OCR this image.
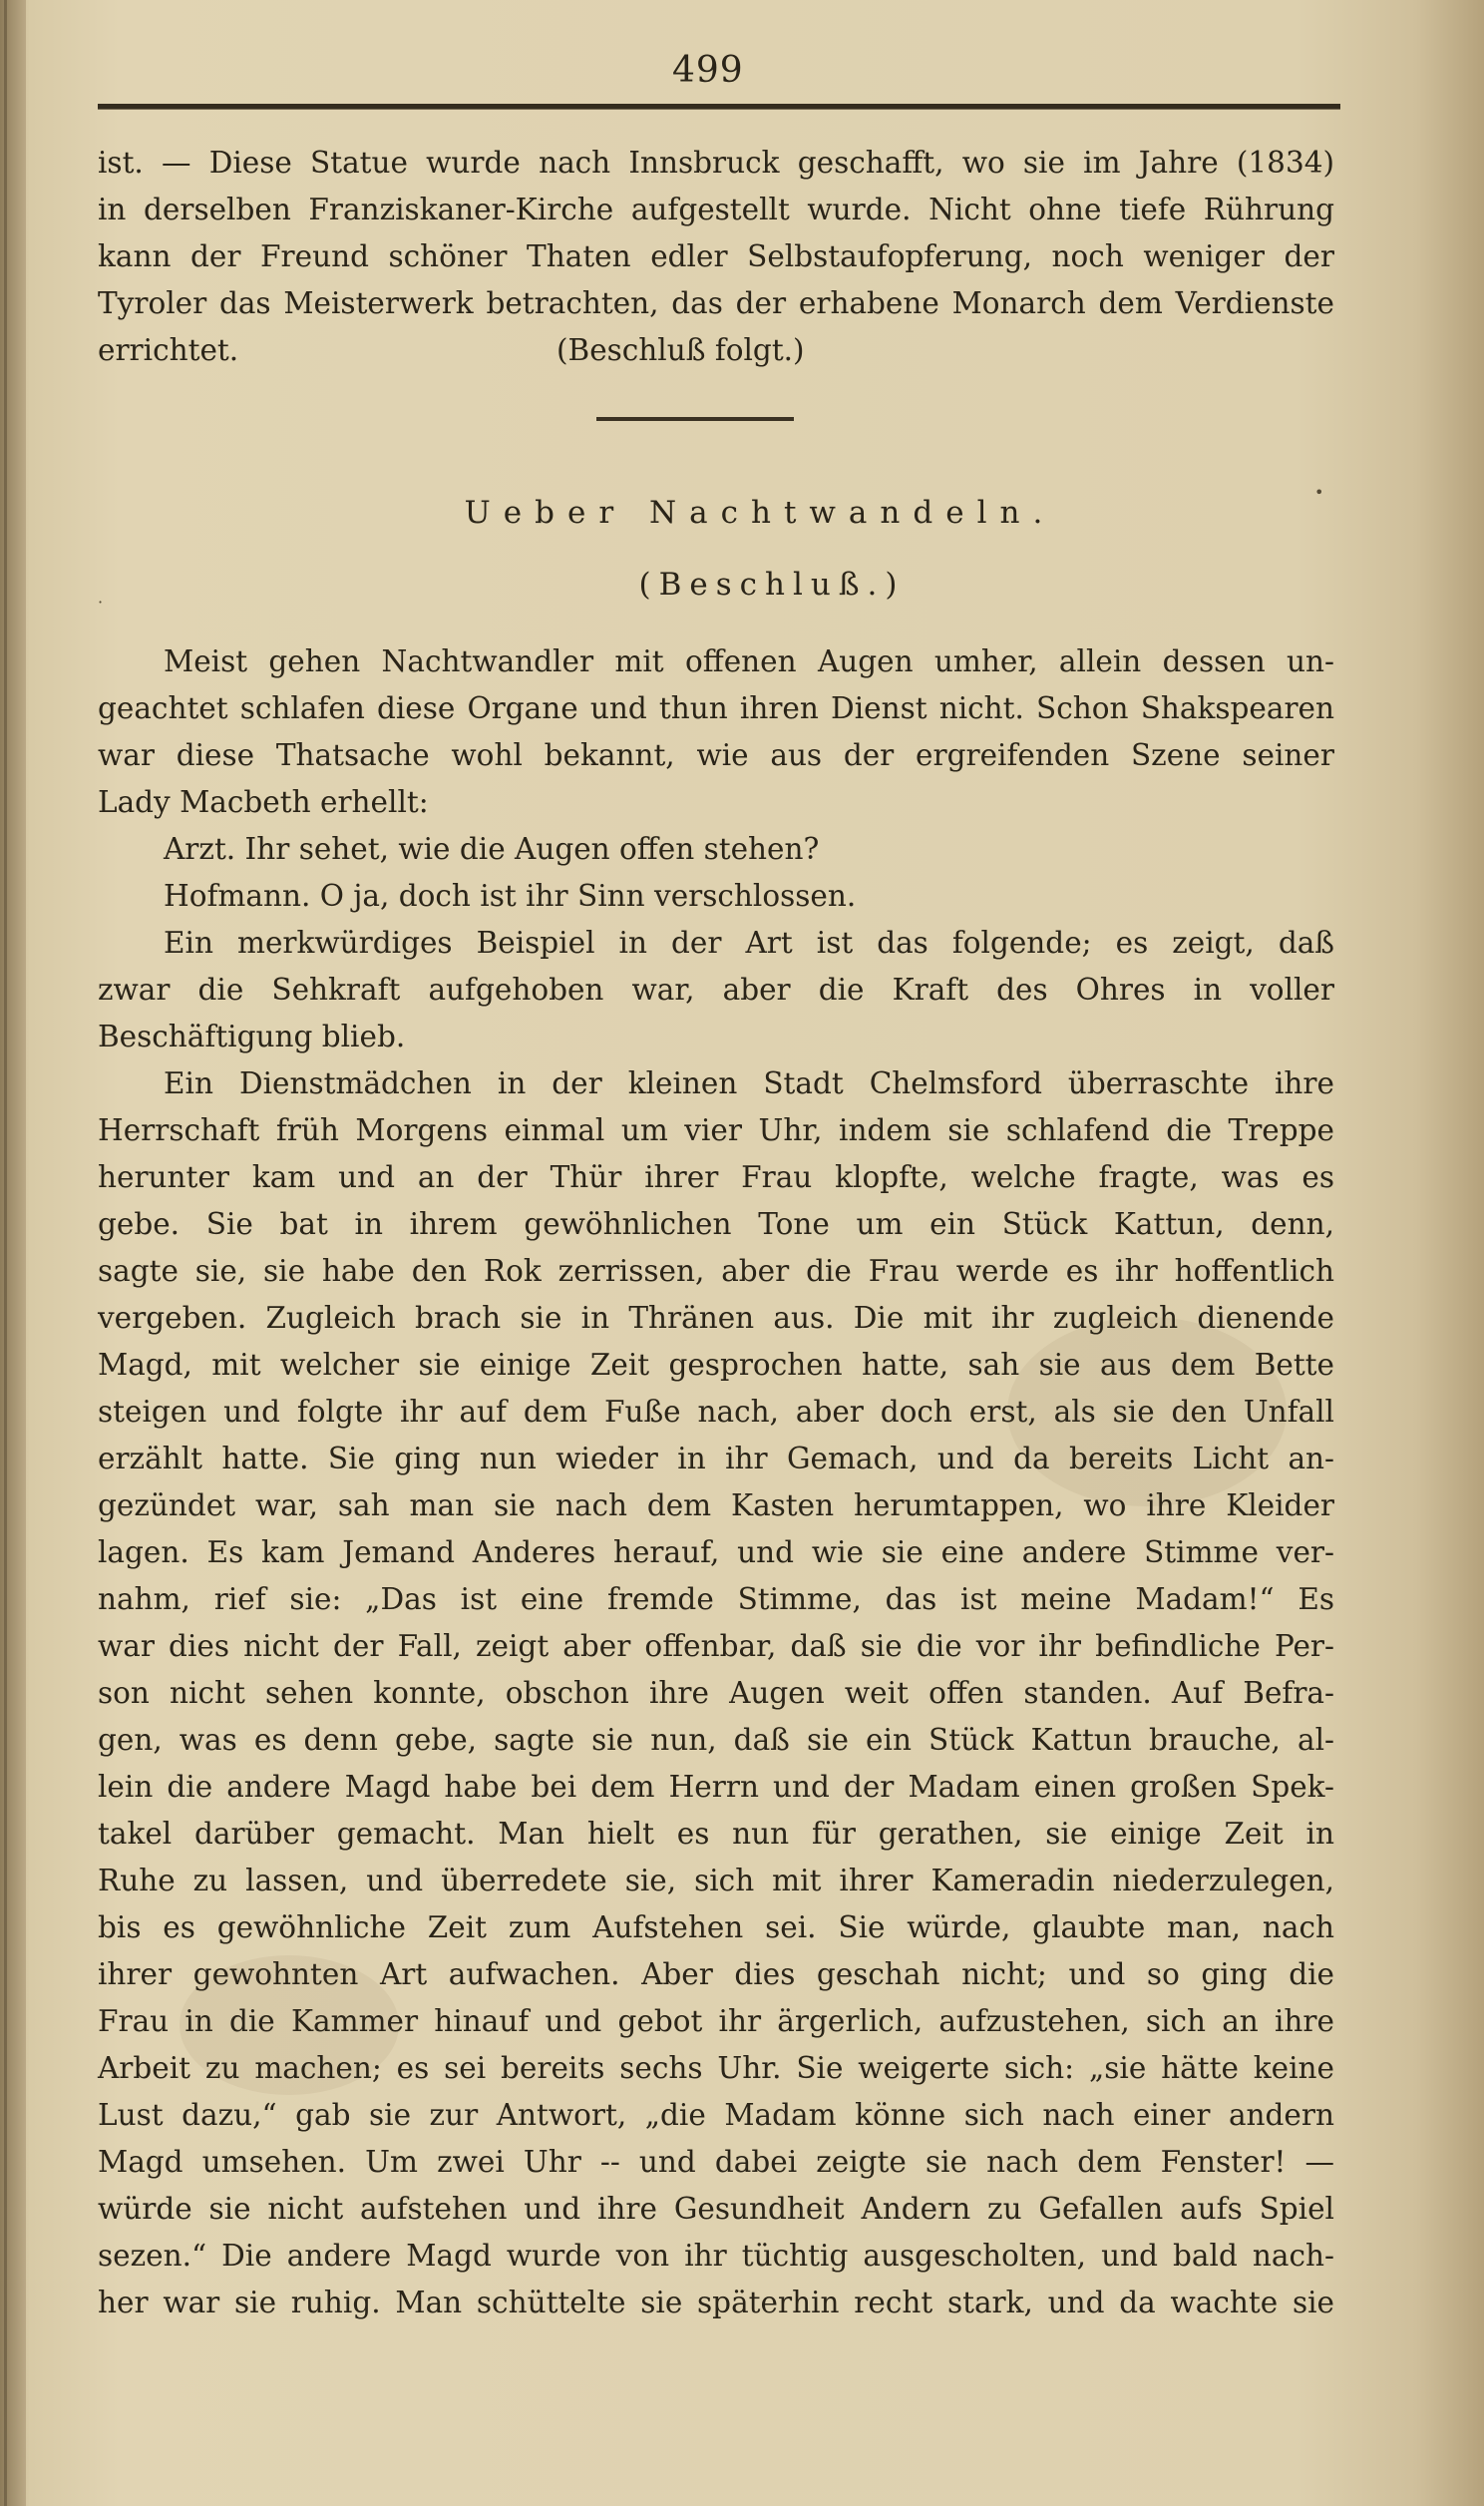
499
ist. — Diese Statue wurde nach Innsbruck geschafft, wo sie im Jahre (1834)
in derselben Franziskaner-Kirche aufgestellt wurde. Nicht ohne tiefe Rührung
kann der Freund schöner Thaten edler Selbstaufopferung, noch weniger der
Tyroler das Meisterwerk betrachten, das der erhabene Monarch dem Verdienste
errichtet.	(Beschluß folgt.)
Ueber Nachtwandeln.
(Beschluß.)
•
·
Meist gehen Nachtwandler mit offenen Augen umher, allein dessen un-
geachtet schlafen diese Organe und thun ihren Dienst nicht. Schon Shakspearen
war diese Thatsache wohl bekannt, wie aus der ergreifenden Szene seiner
Lady Macbeth erhellt:
Arzt. Ihr sehet, wie die Augen offen stehen?
Hofmann. O ja, doch ist ihr Sinn verschlossen.
Ein merkwürdiges Beispiel in der Art ist das folgende; es zeigt, daß
zwar die Sehkraft aufgehoben war, aber die Kraft des Ohres in voller
Beschäftigung blieb.
Ein Dienstmädchen in der kleinen Stadt Chelmsford überraschte ihre
Herrschaft früh Morgens einmal um vier Uhr, indem sie schlafend die Treppe
herunter kam und an der Thür ihrer Frau klopfte, welche fragte, was es
gebe. Sie bat in ihrem gewöhnlichen Tone um ein Stück Kattun, denn,
sagte sie, sie habe den Rok zerrissen, aber die Frau werde es ihr hoffentlich
vergeben. Zugleich brach sie in Thränen aus. Die mit ihr zugleich dienende
Magd, mit welcher sie einige Zeit gesprochen hatte, sah sie aus dem Bette
steigen und folgte ihr auf dem Fuße nach, aber doch erst, als sie den Unfall
erzählt hatte. Sie ging nun wieder in ihr Gemach, und da bereits Licht an-
gezündet war, sah man sie nach dem Kasten herumtappen, wo ihre Kleider
lagen. Es kam Jemand Anderes herauf, und wie sie eine andere Stimme ver-
nahm, rief sie: „Das ist eine fremde Stimme, das ist meine Madam!“ Es
war dies nicht der Fall, zeigt aber offenbar, daß sie die vor ihr befindliche Per-
son nicht sehen konnte, obschon ihre Augen weit offen standen. Auf Befra-
gen, was es denn gebe, sagte sie nun, daß sie ein Stück Kattun brauche, al-
lein die andere Magd habe bei dem Herrn und der Madam einen großen Spek-
takel darüber gemacht. Man hielt es nun für gerathen, sie einige Zeit in
Ruhe zu lassen, und überredete sie, sich mit ihrer Kameradin niederzulegen,
bis es gewöhnliche Zeit zum Aufstehen sei. Sie würde, glaubte man, nach
ihrer gewohnten Art aufwachen. Aber dies geschah nicht; und so ging die
Frau in die Kammer hinauf und gebot ihr ärgerlich, aufzustehen, sich an ihre
Arbeit zu machen; es sei bereits sechs Uhr. Sie weigerte sich: „sie hätte keine
Lust dazu,“ gab sie zur Antwort, „die Madam könne sich nach einer andern
Magd umsehen. Um zwei Uhr -- und dabei zeigte sie nach dem Fenster! —
würde sie nicht aufstehen und ihre Gesundheit Andern zu Gefallen aufs Spiel
sezen.“ Die andere Magd wurde von ihr tüchtig ausgescholten, und bald nach-
her war sie ruhig. Man schüttelte sie späterhin recht stark, und da wachte sie
